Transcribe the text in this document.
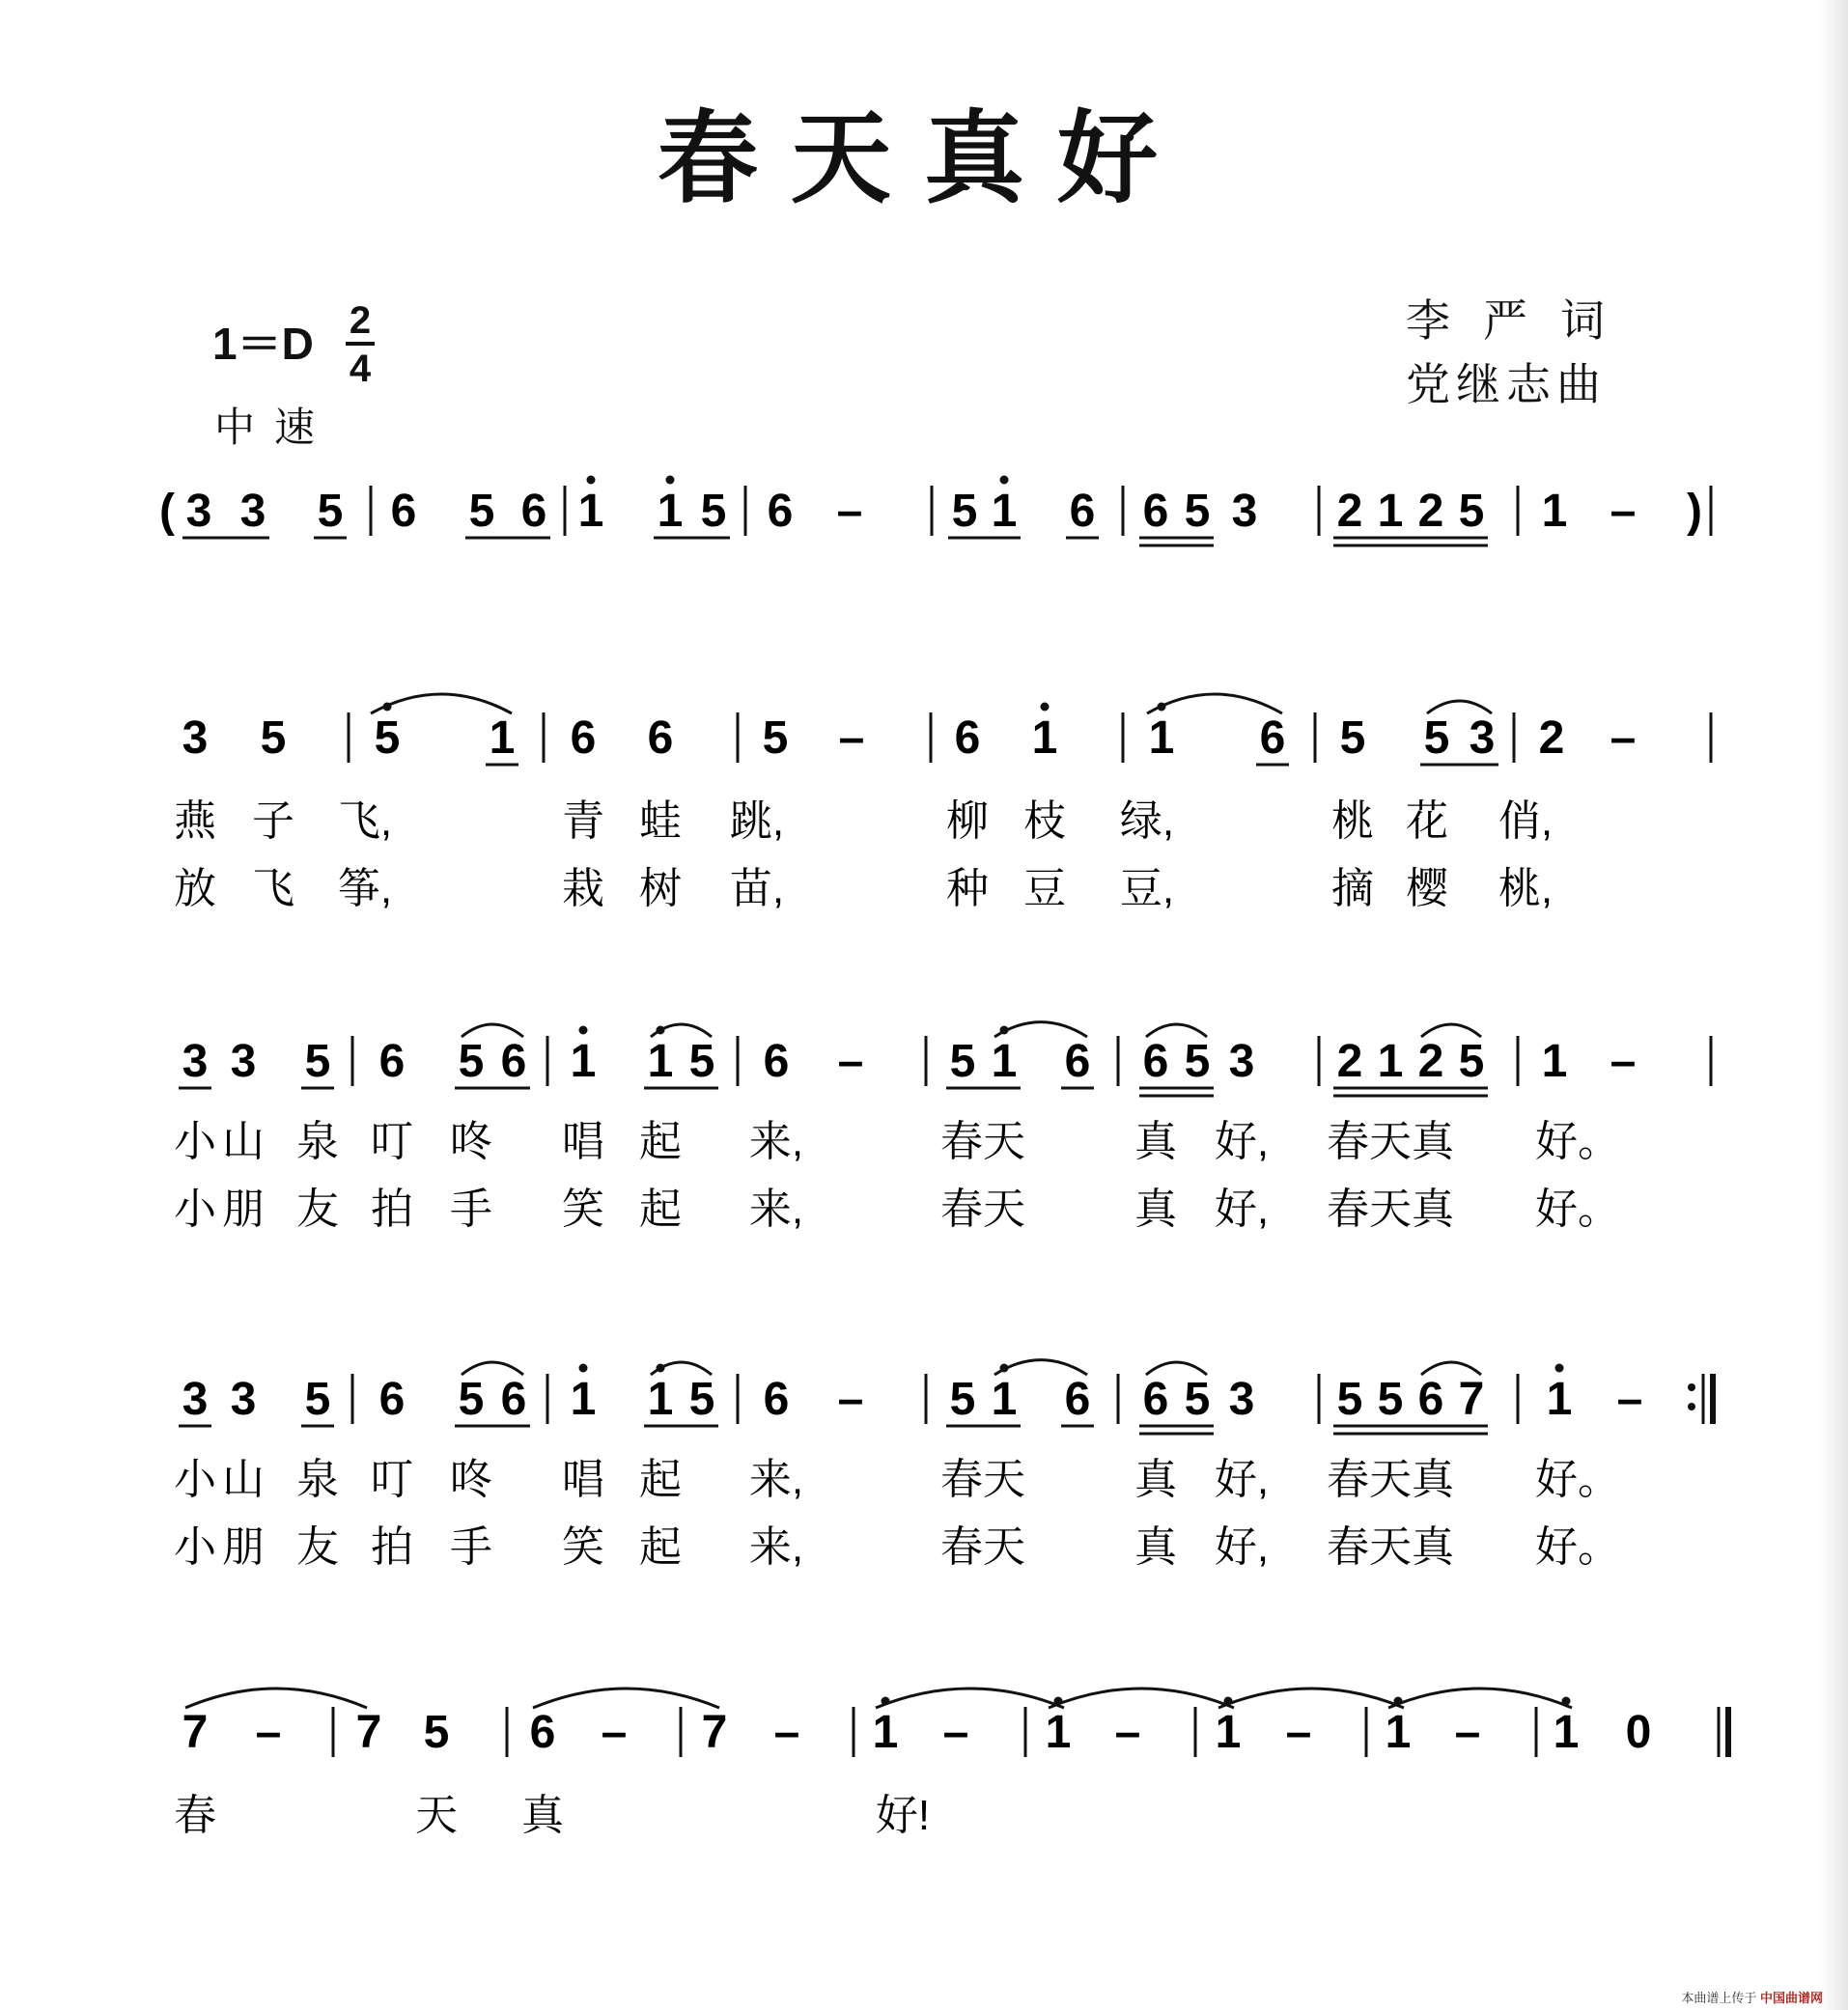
春天真好
$1=D \frac{2}{4}$
中速
李严词
党继志曲
( 3 3 5 6 5 6 1 1 5 6 – 5 1 6 6 5 3 2 1 2 5 1 – )
3 5 5 1 6 6 5 – 6 1 1 6 5 5 3 2 –
3 3 5 6 5 6 1 1 5 6 – 5 1 6 6 5 3 2 1 2 5 1 –
3 3 5 6 5 6 1 1 5 6 – 5 1 6 6 5 3 5 5 6 7 1 –
7 – 7 5 6 – 7 – 1 – 1 – 1 – 1 – 1 0
燕 子 飞,	青 蛙 跳,	柳 枝 绿,	桃 花 俏,
放 飞 筝,	栽 树 苗,	种 豆 豆,	摘 樱 桃,
小 山 泉 叮 咚 唱 起 来,	春天	真 好, 春天真 好。
小 朋 友 拍 手 笑 起 来,	春天	真 好, 春天真 好。
小 山 泉 叮 咚 唱 起 来,	春天	真 好, 春天真 好。
小 朋 友 拍 手 笑 起 来,	春天	真 好, 春天真 好。
春	天 真	好!
本曲谱上传于 中国曲谱网
